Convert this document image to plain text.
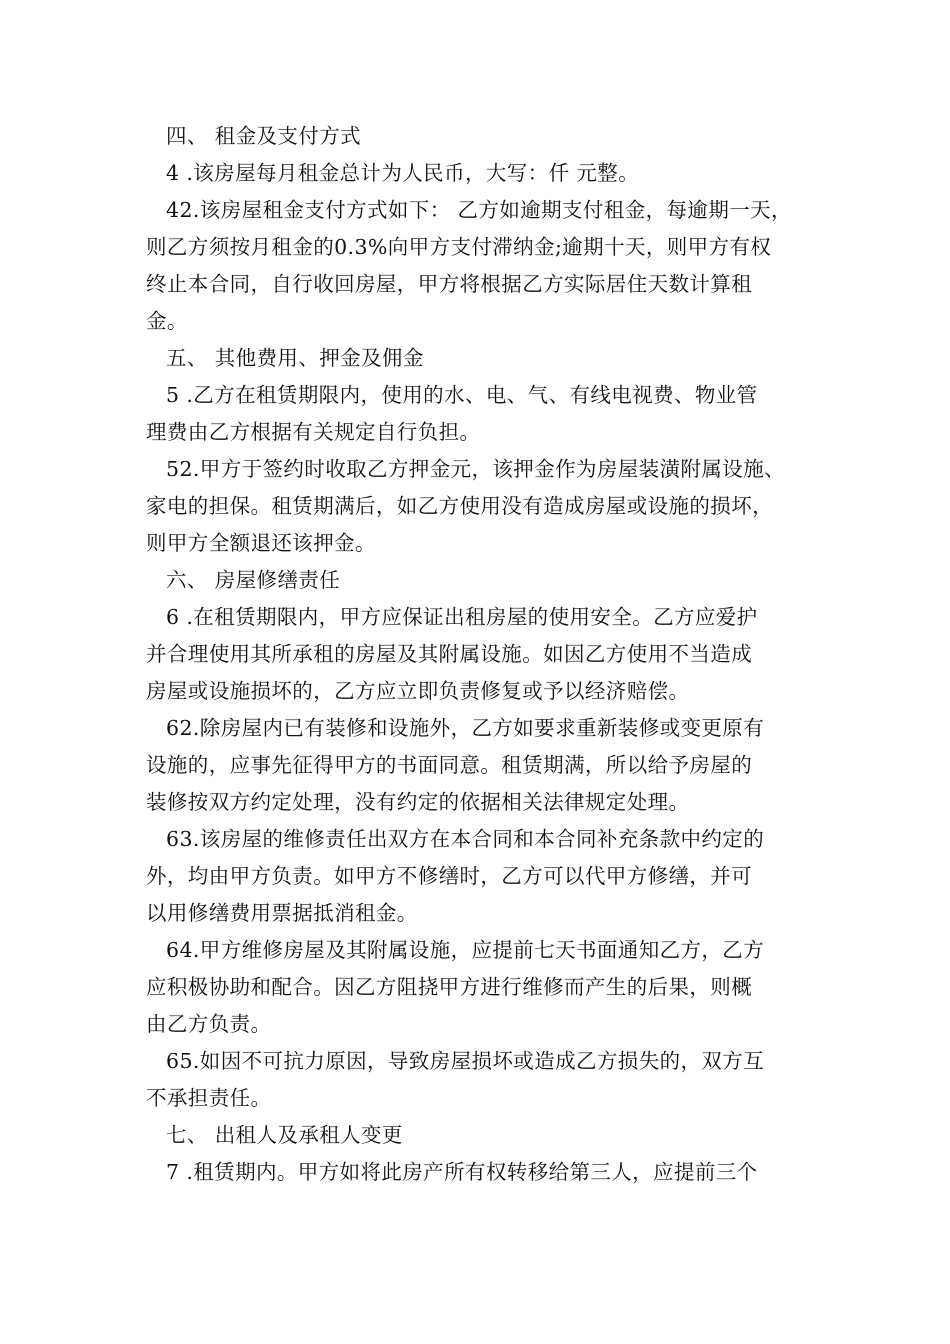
四、 租金及支付方式
4 .该房屋每月租金总计为人民币，大写：仟 元整。
42.该房屋租金支付方式如下： 乙方如逾期支付租金，每逾期一天，
则乙方须按月租金的0.3%向甲方支付滞纳金;逾期十天，则甲方有权
终止本合同，自行收回房屋，甲方将根据乙方实际居住天数计算租
金。
五、 其他费用、押金及佣金
5 .乙方在租赁期限内，使用的水、电、气、有线电视费、物业管
理费由乙方根据有关规定自行负担。
52.甲方于签约时收取乙方押金元，该押金作为房屋装潢附属设施、
家电的担保。租赁期满后，如乙方使用没有造成房屋或设施的损坏，
则甲方全额退还该押金。
六、 房屋修缮责任
6 .在租赁期限内，甲方应保证出租房屋的使用安全。乙方应爱护
并合理使用其所承租的房屋及其附属设施。如因乙方使用不当造成
房屋或设施损坏的，乙方应立即负责修复或予以经济赔偿。
62.除房屋内已有装修和设施外，乙方如要求重新装修或变更原有
设施的，应事先征得甲方的书面同意。租赁期满，所以给予房屋的
装修按双方约定处理，没有约定的依据相关法律规定处理。
63.该房屋的维修责任出双方在本合同和本合同补充条款中约定的
外，均由甲方负责。如甲方不修缮时，乙方可以代甲方修缮，并可
以用修缮费用票据抵消租金。
64.甲方维修房屋及其附属设施，应提前七天书面通知乙方，乙方
应积极协助和配合。因乙方阻挠甲方进行维修而产生的后果，则概
由乙方负责。
65.如因不可抗力原因，导致房屋损坏或造成乙方损失的，双方互
不承担责任。
七、 出租人及承租人变更
7 .租赁期内。甲方如将此房产所有权转移给第三人，应提前三个
